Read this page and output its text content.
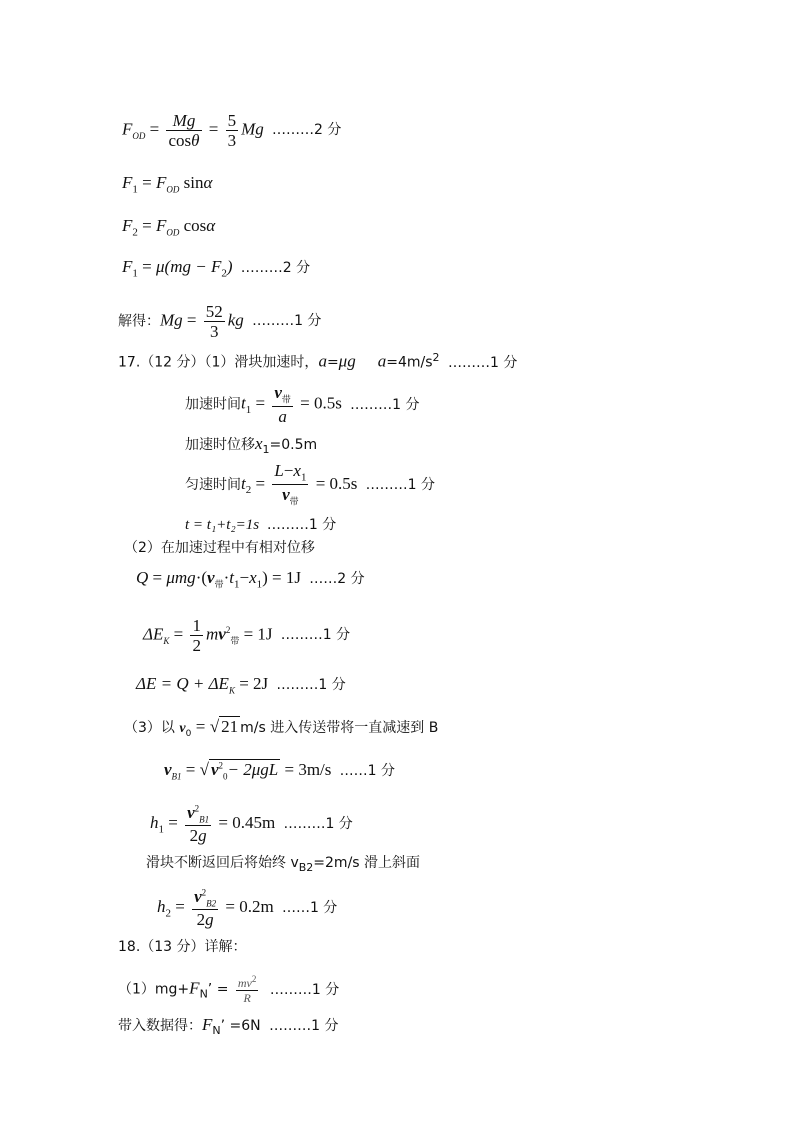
$F_{OD} = \frac{Mg}{\cos\theta} = \frac{5}{3}$ Mg ………2 分
$F_1 = F_{OD}$ sinα
$F_2 = F_{OD}$ cosα
$F_1 = \mu(mg - F_2)$ ………2 分
解得：$Mg = \frac{52}{3}$ kg ………1 分
17.（12 分）（1）滑块加速时，a=μg $a=4m/s^2$ ………1 分
加速时间$t_1 = \frac{v_带}{a} = 0.5s$ ………1 分
加速时位移$x_1=0.5m$
匀速时间$t_2 = \frac{L-x_1}{v_带} = 0.5s$ ………1 分
t = t₁+t₂=1s ………1 分
（2）在加速过程中有相对位移
$Q = \mu mg\cdot(v_带\cdot t_1-x_1) = 1J$ ……2 分
$\Delta E_K = \frac{1}{2} mv^2_带 = 1J$ ………1 分
$\Delta E = Q + \Delta E_K = 2J$ ………1 分
（3）以 $v_0$ = √ 21 m/s 进入传送带将一直减速到 B
$v_{B1}$ = √ $v^2_0- 2\mu gL = 3m/s$ ……1 分
$h_1 = \frac{v^2_{B1}}{2g} = 0.45m$ ………1 分
滑块不断返回后将始终 $v_{B2}=2m/s$ 滑上斜面
$h_2 = \frac{v^2_{B2}}{2g} = 0.2m$ ……1 分
18.（13 分）详解：
$(1)mg+F_N$’ = $\frac{mv^2}{R}$ ………1 分
带入数据得：$F_N$’ =6N ………1 分
